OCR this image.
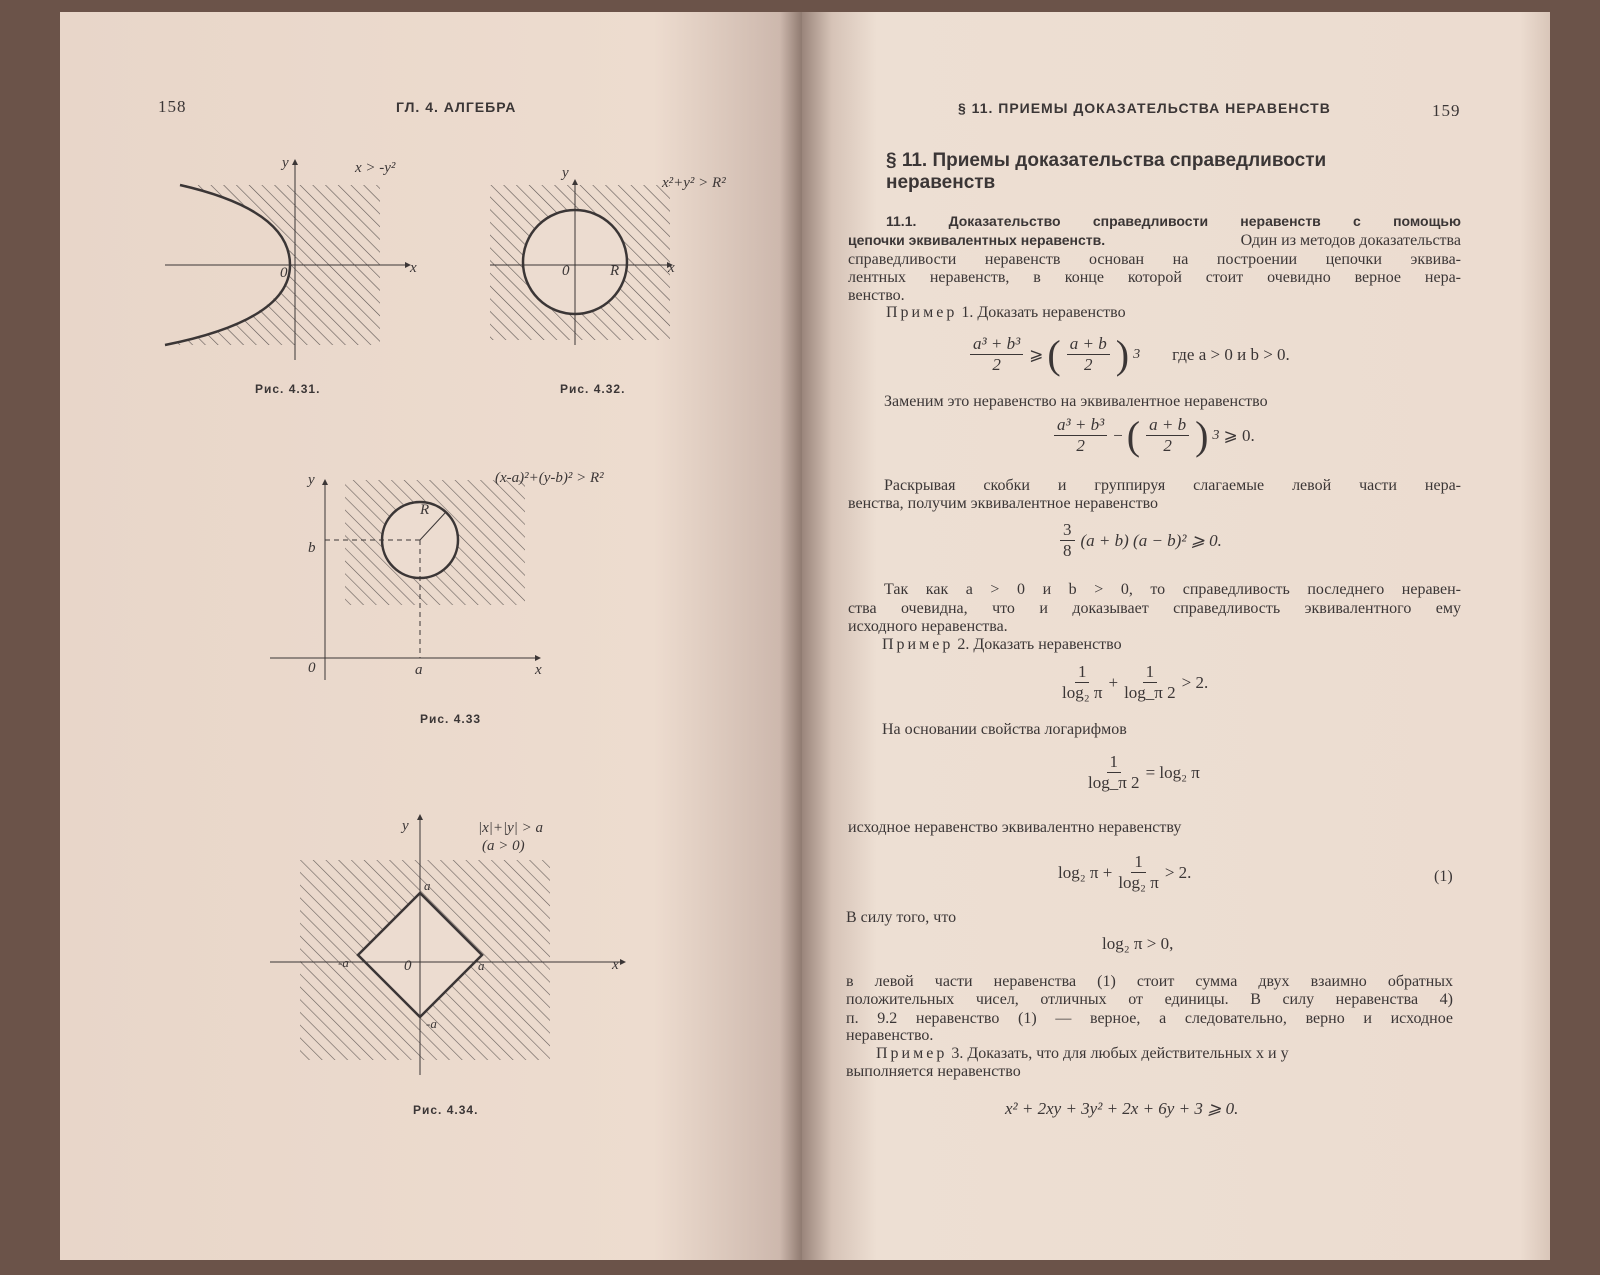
158	ГЛ. 4. АЛГЕБРА
y	x > -y²
0	x
Рис. 4.31.
y
x²+y² > R²
0	R	x
Рис. 4.32.
y	(x-a)²+(y-b)² > R²
b
R
0	a	x
Рис. 4.33
y	|x|+|y| > a
(a > 0)
a
-a	0	a
-a
x
Рис. 4.34.
§ 11. ПРИЕМЫ ДОКАЗАТЕЛЬСТВА НЕРАВЕНСТВ	159
§ 11. Приемы доказательства справедливости
неравенств
11.1. Доказательство справедливости неравенств с помощью
цепочки эквивалентных неравенств.	Один из методов доказательства
справедливости неравенств основан на построении цепочки эквива-
лентных неравенств, в конце которой стоит очевидно верное нера-
венство.
Пример 1. Доказать неравенство
$\frac{\text{a³ + b³}}{2}$ ⩾ ( $\frac{a + b}{2}$ ) 3 где a > 0 и b > 0.
Заменим это неравенство на эквивалентное неравенство
$\frac{\text{a³ + b³}}{2}$ − ( $\frac{a + b}{2}$ ) 3 ⩾ 0.
Раскрывая скобки и группируя слагаемые левой части нера-
венства, получим эквивалентное неравенство
$\frac{3}{8} (a + b) (a - b)^2$ ⩾ 0.
Так как a > 0 и b > 0, то справедливость последнего неравен-
ства очевидна, что и доказывает справедливость эквивалентного ему
исходного неравенства.
Пример 2. Доказать неравенство
$\frac{1}{\text{log₂ π}} + \frac{1}{\log\_\pi 2} > 2$.
На основании свойства логарифмов
$\frac{1}{\log\_\pi 2} = \log_2$ π
исходное неравенство эквивалентно неравенству
log₂ $\pi + \frac{1}{\text{log₂ π}} > 2$.	(1)
В силу того, что
log₂ π > 0,
в левой части неравенства (1) стоит сумма двух взаимно обратных
положительных чисел, отличных от единицы. В силу неравенства 4)
п. 9.2 неравенство (1) — верное, а следовательно, верно и исходное
неравенство.
Пример 3. Доказать, что для любых действительных x и y
выполняется неравенство
x² + 2xy + 3y² + 2x + 6y + 3 ⩾ 0.
